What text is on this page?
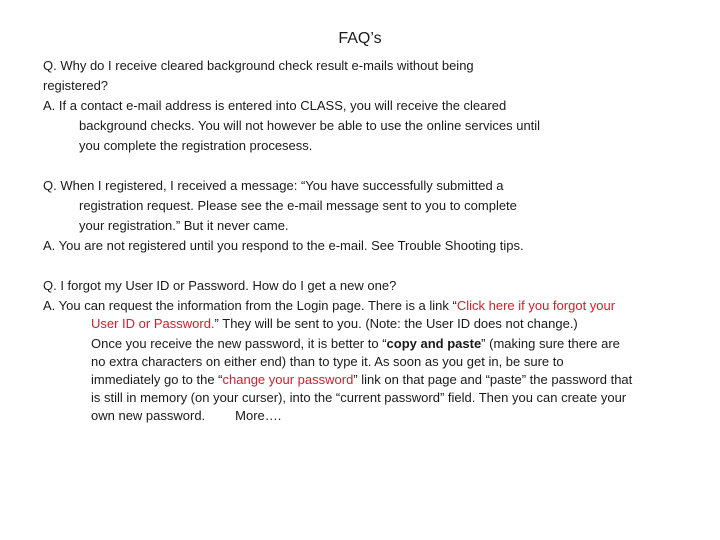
FAQ’s

Q. Why do I receive cleared background check result e-mails without being

registered?

A. If a contact e-mail address is entered into CLASS, you will receive the cleared

background checks. You will not however be able to use the online services until

you complete the registration procesess.

Q. When I registered, I received a message: “You have successfully submitted a

registration request. Please see the e-mail message sent to you to complete

your registration.” But it never came.

A. You are not registered until you respond to the e-mail. See Trouble Shooting tips.

Q. I forgot my User ID or Password. How do I get a new one?

A. You can request the information from the Login page. There is a link “Click here if you forgot your

User ID or Password.” They will be sent to you. (Note: the User ID does not change.)

Once you receive the new password, it is better to “copy and paste” (making sure there are

no extra characters on either end) than to type it. As soon as you get in, be sure to

immediately go to the “change your password” link on that page and “paste” the password that

is still in memory (on your curser), into the “current password” field. Then you can create your

own new password. More….
